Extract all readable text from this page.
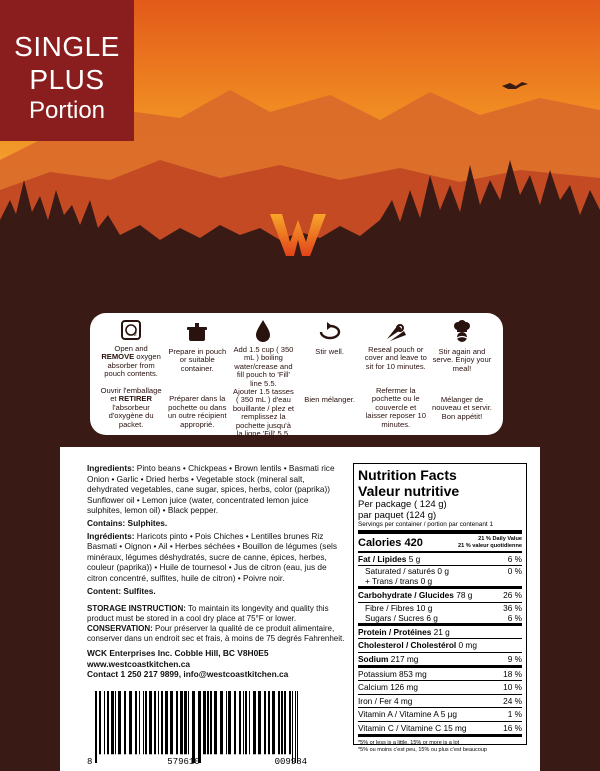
SINGLE
PLUS
Portion
2
Open and REMOVE oxygen absorber from pouch contents.
Ouvrir l'emballage et RETIRER l'absorbeur d'oxygène du packet.
Prepare in pouch or suitable container.
Préparer dans la pochette ou dans un outre récipient approprié.
Add 1.5 cup ( 350 mL ) boiling water/crease and fill pouch to 'Fill' line 5.5.
Ajouter 1.5 tasses ( 350 mL ) d'eau bouillante / plez et remplissez la pochette jusqu'à la ligne 'Fill' 5.5.
Stir well.
Bien mélanger.
Reseal pouch or cover and leave to sit for 10 minutes.
Refermer la pochette ou le couvercle et laisser reposer 10 minutes.
Stir again and serve. Enjoy your meal!
Mélanger de nouveau et servir. Bon appétit!

Ingredients: Pinto beans • Chickpeas • Brown lentils • Basmati rice Onion • Garlic • Dried herbs • Vegetable stock (mineral salt, dehydrated vegetables, cane sugar, spices, herbs, color (paprika)) Sunflower oil • Lemon juice (water, concentrated lemon juice sulphites, lemon oil) • Black pepper.

Contains: Sulphites.

Ingrédients: Haricots pinto • Pois Chiches • Lentilles brunes Riz Basmati • Oignon • Ail • Herbes séchées • Bouillon de légumes (sels minéraux, légumes déshydratés, sucre de canne, épices, herbes, couleur (paprika)) • Huile de tournesol • Jus de citron (eau, jus de citron concentré, sulfites, huile de citron) • Poivre noir.

Content: Sulfites.

STORAGE INSTRUCTION: To maintain its longevity and quality this product must be stored in a cool dry place at 75°F or lower.

CONSERVATION: Pour préserver la qualité de ce produit alimentaire, conserver dans un endroit sec et frais, à moins de 75 degrés Fahrenheit.

WCK Enterprises Inc. Cobble Hill, BC V8H0E5
www.westcoastkitchen.ca
Contact 1 250 217 9899, info@westcoastkitchen.ca
8	579610	009984
Nutrition Facts
Valeur nutritive
Per package ( 124 g)
par paquet (124 g)
Servings per container / portion par contenant 1
Calories 420	21 % Daily Value
21 % valeur quotidienne
Fat / Lipides 5 g	6 %
Saturated / saturés 0 g	0 %
+ Trans / trans 0 g
Carbohydrate / Glucides 78 g	26 %
Fibre / Fibres 10 g	36 %
Sugars / Sucres 6 g	6 %
Protein / Protéines 21 g
Cholesterol / Cholestérol 0 mg
Sodium 217 mg	9 %
Potassium 853 mg	18 %
Calcium 126 mg	10 %
Iron / Fer 4 mg	24 %
Vitamin A / Vitamine A 5 µg	1 %
Vitamin C / Vitamine C 15 mg	16 %
*5% or less is a little, 15% or more is a lot
*5% ou moins c'est peu, 15% ou plus c'est beaucoup
